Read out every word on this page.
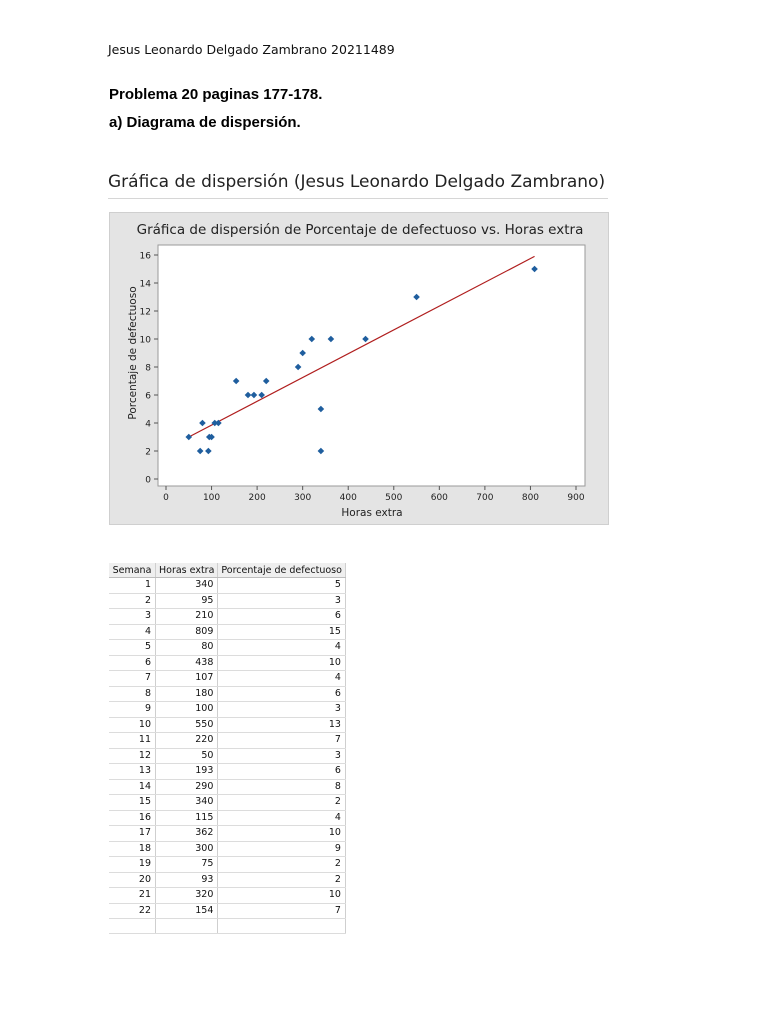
Jesus Leonardo Delgado Zambrano 20211489
Problema 20 paginas 177-178.
a) Diagrama de dispersión.
Gráfica de dispersión (Jesus Leonardo Delgado Zambrano)
Gráfica de dispersión de Porcentaje de defectuoso vs. Horas extra
0
2
4
6
8
10
12
14
16
0	100	200	300	400	500	600	700	800	900
Horas extra
Porcentaje de defectuoso
Semana	Horas extra	Porcentaje de defectuoso
1	340	5
2	95	3
3	210	6
4	809	15
5	80	4
6	438	10
7	107	4
8	180	6
9	100	3
10	550	13
11	220	7
12	50	3
13	193	6
14	290	8
15	340	2
16	115	4
17	362	10
18	300	9
19	75	2
20	93	2
21	320	10
22	154	7
